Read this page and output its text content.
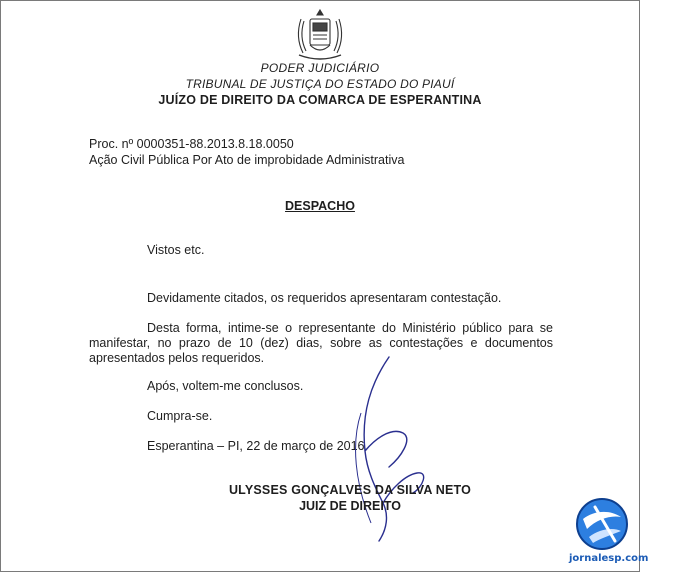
PODER JUDICIÁRIO
TRIBUNAL DE JUSTIÇA DO ESTADO DO PIAUÍ
JUÍZO DE DIREITO DA COMARCA DE ESPERANTINA
Proc. nº 0000351-88.2013.8.18.0050
Ação Civil Pública Por Ato de improbidade Administrativa
DESPACHO
Vistos etc.
Devidamente citados, os requeridos apresentaram contestação.
Desta forma, intime-se o representante do Ministério público para se manifestar, no prazo de 10 (dez) dias, sobre as contestações e documentos apresentados pelos requeridos.
Após, voltem-me conclusos.
Cumpra-se.
Esperantina – PI, 22 de março de 2016.
ULYSSES GONÇALVES DA SILVA NETO
JUIZ DE DIREITO
jornalesp.com
